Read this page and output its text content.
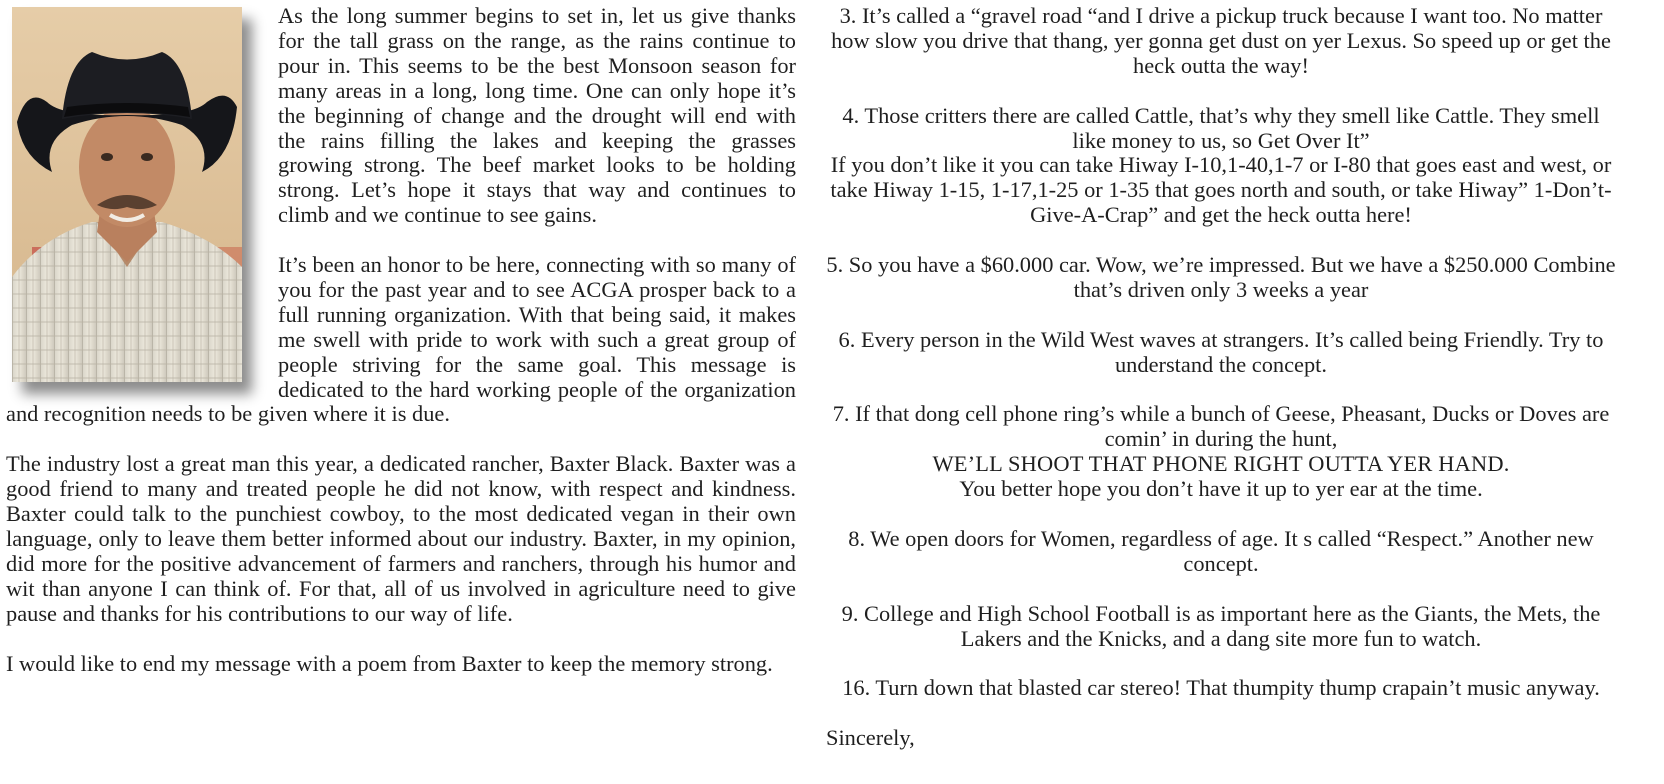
As the long summer begins to set in, let us give thanks for the tall grass on the range, as the rains continue to pour in. This seems to be the best Monsoon season for many areas in a long, long time. One can only hope it’s the beginning of change and the drought will end with the rains filling the lakes and keeping the grasses growing strong. The beef market looks to be holding strong. Let’s hope it stays that way and continues to climb and we continue to see gains.

It’s been an honor to be here, connecting with so many of you for the past year and to see ACGA prosper back to a full running organization. With that being said, it makes me swell with pride to work with such a great group of people striving for the same goal. This message is dedicated to the hard working people of the organization and recognition needs to be given where it is due.

The industry lost a great man this year, a dedicated rancher, Baxter Black. Baxter was a good friend to many and treated people he did not know, with respect and kindness. Baxter could talk to the punchiest cowboy, to the most dedicated vegan in their own language, only to leave them better informed about our industry. Baxter, in my opinion, did more for the positive advancement of farmers and ranchers, through his humor and wit than anyone I can think of. For that, all of us involved in agriculture need to give pause and thanks for his contributions to our way of life.

I would like to end my message with a poem from Baxter to keep the memory strong.

3. It’s called a “gravel road “and I drive a pickup truck because I want too. No matter how slow you drive that thang, yer gonna get dust on yer Lexus. So speed up or get the heck outta the way!

4. Those critters there are called Cattle, that’s why they smell like Cattle. They smell like money to us, so Get Over It”

If you don’t like it you can take Hiway I-10,1-40,1-7 or I-80 that goes east and west, or take Hiway 1-15, 1-17,1-25 or 1-35 that goes north and south, or take Hiway” 1-Don’t-Give-A-Crap” and get the heck outta here!

5. So you have a $60.000 car. Wow, we’re impressed. But we have a $250.000 Combine that’s driven only 3 weeks a year

6. Every person in the Wild West waves at strangers. It’s called being Friendly. Try to understand the concept.

7. If that dong cell phone ring’s while a bunch of Geese, Pheasant, Ducks or Doves are comin’ in during the hunt,

WE’LL SHOOT THAT PHONE RIGHT OUTTA YER HAND.

You better hope you don’t have it up to yer ear at the time.

8. We open doors for Women, regardless of age. It s called “Respect.” Another new concept.

9. College and High School Football is as important here as the Giants, the Mets, the Lakers and the Knicks, and a dang site more fun to watch.

16. Turn down that blasted car stereo! That thumpity thump crapain’t music anyway.

Sincerely,
